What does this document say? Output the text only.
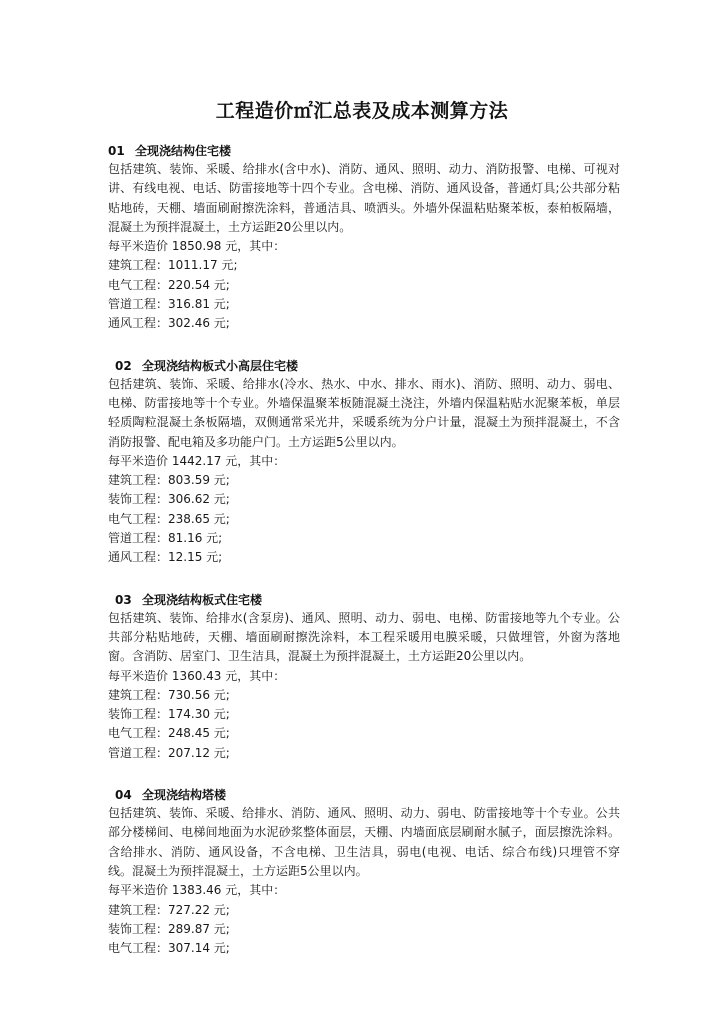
工程造价㎡汇总表及成本测算方法
01 全现浇结构住宅楼
包括建筑、装饰、采暖、给排水(含中水)、消防、通风、照明、动力、消防报警、电梯、可视对讲、有线电视、电话、防雷接地等十四个专业。含电梯、消防、通风设备，普通灯具;公共部分粘贴地砖，天棚、墙面刷耐擦洗涂料，普通洁具、喷洒头。外墙外保温粘贴聚苯板，泰柏板隔墙，混凝土为预拌混凝土，土方运距20公里以内。
每平米造价 1850.98 元，其中：
建筑工程：1011.17 元;
电气工程：220.54 元;
管道工程：316.81 元;
通风工程：302.46 元;
02 全现浇结构板式小高层住宅楼
包括建筑、装饰、采暖、给排水(冷水、热水、中水、排水、雨水)、消防、照明、动力、弱电、电梯、防雷接地等十个专业。外墙保温聚苯板随混凝土浇注，外墙内保温粘贴水泥聚苯板，单层轻质陶粒混凝土条板隔墙，双侧通常采光井，采暖系统为分户计量，混凝土为预拌混凝土，不含消防报警、配电箱及多功能户门。土方运距5公里以内。
每平米造价 1442.17 元，其中：
建筑工程：803.59 元;
装饰工程：306.62 元;
电气工程：238.65 元;
管道工程：81.16 元;
通风工程：12.15 元;
03 全现浇结构板式住宅楼
包括建筑、装饰、给排水(含泵房)、通风、照明、动力、弱电、电梯、防雷接地等九个专业。公共部分粘贴地砖，天棚、墙面刷耐擦洗涂料，本工程采暖用电膜采暖，只做埋管，外窗为落地窗。含消防、居室门、卫生洁具，混凝土为预拌混凝土，土方运距20公里以内。
每平米造价 1360.43 元，其中：
建筑工程：730.56 元;
装饰工程：174.30 元;
电气工程：248.45 元;
管道工程：207.12 元;
04 全现浇结构塔楼
包括建筑、装饰、采暖、给排水、消防、通风、照明、动力、弱电、防雷接地等十个专业。公共部分楼梯间、电梯间地面为水泥砂浆整体面层，天棚、内墙面底层刷耐水腻子，面层擦洗涂料。含给排水、消防、通风设备，不含电梯、卫生洁具，弱电(电视、电话、综合布线)只埋管不穿线。混凝土为预拌混凝土，土方运距5公里以内。
每平米造价 1383.46 元，其中：
建筑工程：727.22 元;
装饰工程：289.87 元;
电气工程：307.14 元;
